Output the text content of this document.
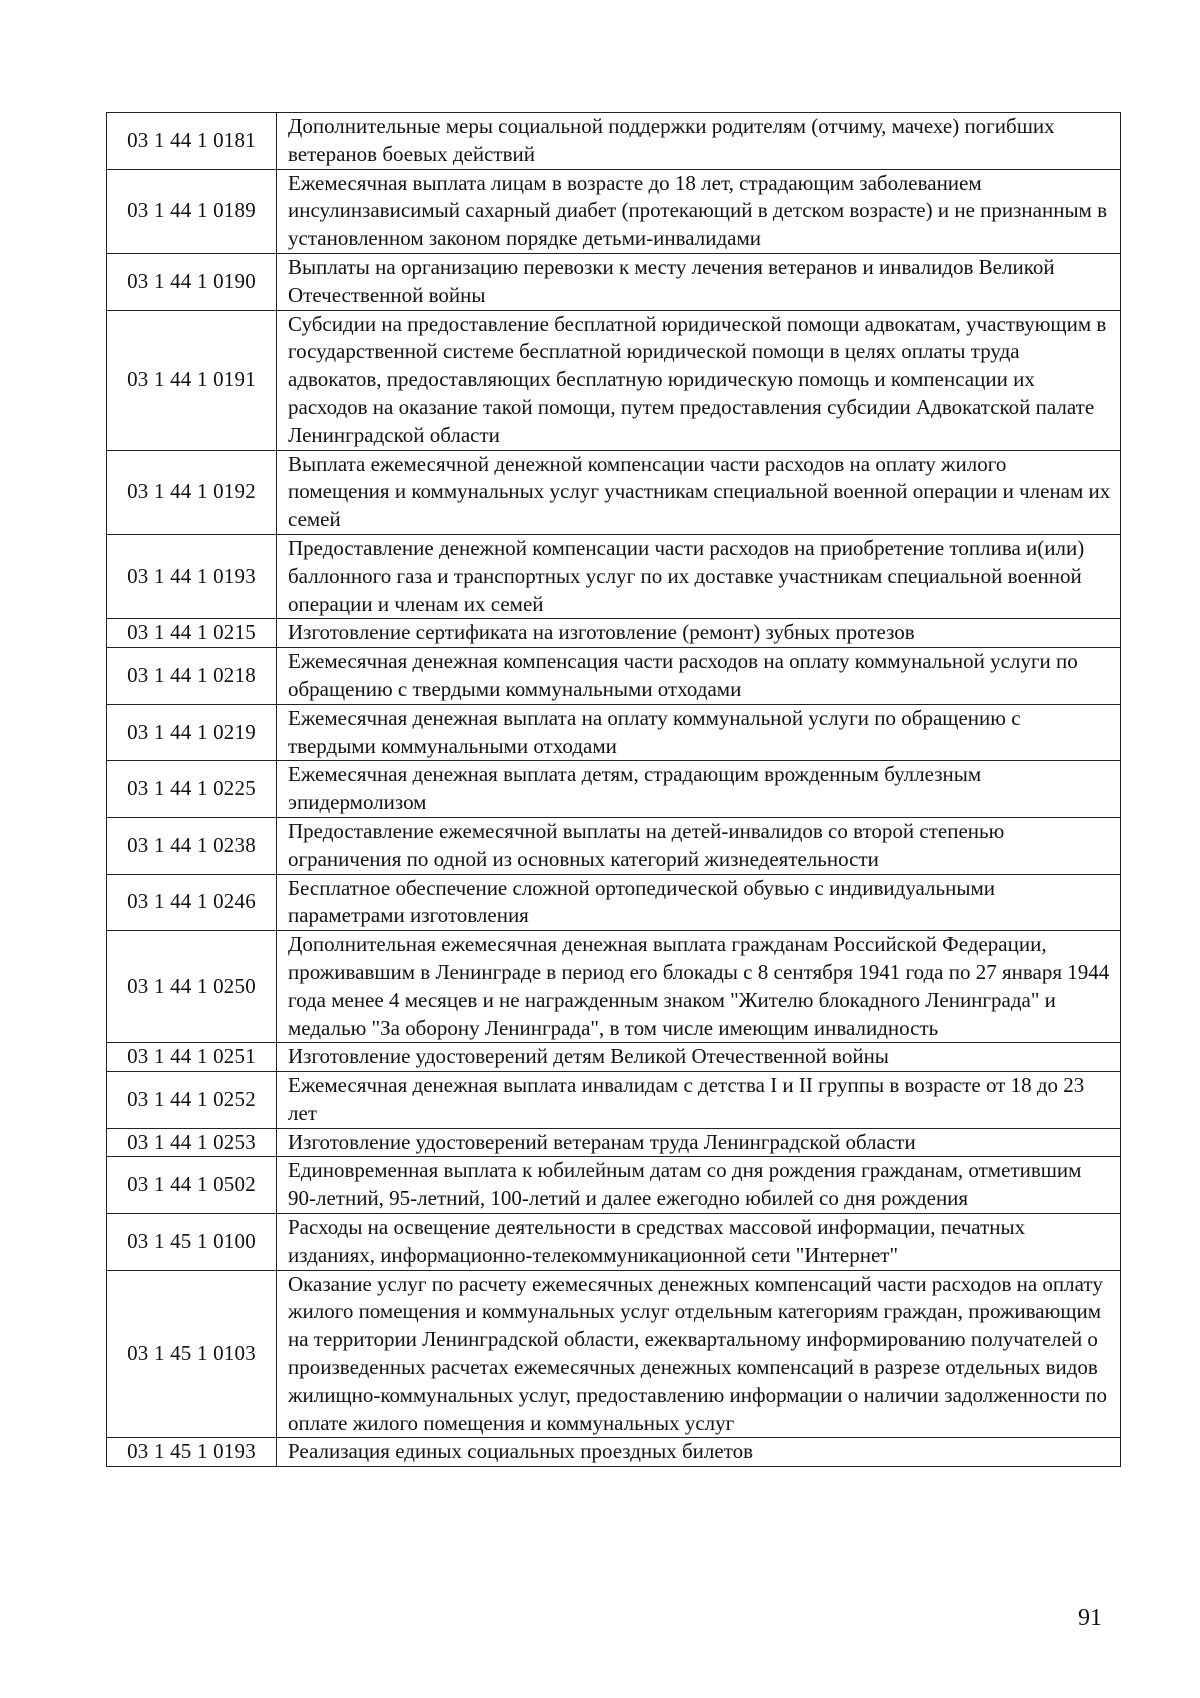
03 1 44 1 0181	Дополнительные меры социальной поддержки родителям (отчиму, мачехе) погибших ветеранов боевых действий
03 1 44 1 0189	Ежемесячная выплата лицам в возрасте до 18 лет, страдающим заболеванием инсулинзависимый сахарный диабет (протекающий в детском возрасте) и не признанным в установленном законом порядке детьми-инвалидами
03 1 44 1 0190	Выплаты на организацию перевозки к месту лечения ветеранов и инвалидов Великой Отечественной войны
03 1 44 1 0191	Субсидии на предоставление бесплатной юридической помощи адвокатам, участвующим в государственной системе бесплатной юридической помощи в целях оплаты труда адвокатов, предоставляющих бесплатную юридическую помощь и компенсации их расходов на оказание такой помощи, путем предоставления субсидии Адвокатской палате Ленинградской области
03 1 44 1 0192	Выплата ежемесячной денежной компенсации части расходов на оплату жилого помещения и коммунальных услуг участникам специальной военной операции и членам их семей
03 1 44 1 0193	Предоставление денежной компенсации части расходов на приобретение топлива и(или) баллонного газа и транспортных услуг по их доставке участникам специальной военной операции и членам их семей
03 1 44 1 0215	Изготовление сертификата на изготовление (ремонт) зубных протезов
03 1 44 1 0218	Ежемесячная денежная компенсация части расходов на оплату коммунальной услуги по обращению с твердыми коммунальными отходами
03 1 44 1 0219	Ежемесячная денежная выплата на оплату коммунальной услуги по обращению с твердыми коммунальными отходами
03 1 44 1 0225	Ежемесячная денежная выплата детям, страдающим врожденным буллезным эпидермолизом
03 1 44 1 0238	Предоставление ежемесячной выплаты на детей-инвалидов со второй степенью ограничения по одной из основных категорий жизнедеятельности
03 1 44 1 0246	Бесплатное обеспечение сложной ортопедической обувью с индивидуальными параметрами изготовления
03 1 44 1 0250	Дополнительная ежемесячная денежная выплата гражданам Российской Федерации, проживавшим в Ленинграде в период его блокады с 8 сентября 1941 года по 27 января 1944 года менее 4 месяцев и не награжденным знаком "Жителю блокадного Ленинграда" и медалью "За оборону Ленинграда", в том числе имеющим инвалидность
03 1 44 1 0251	Изготовление удостоверений детям Великой Отечественной войны
03 1 44 1 0252	Ежемесячная денежная выплата инвалидам с детства I и II группы в возрасте от 18 до 23 лет
03 1 44 1 0253	Изготовление удостоверений ветеранам труда Ленинградской области
03 1 44 1 0502	Единовременная выплата к юбилейным датам со дня рождения гражданам, отметившим 90-летний, 95-летний, 100-летий и далее ежегодно юбилей со дня рождения
03 1 45 1 0100	Расходы на освещение деятельности в средствах массовой информации, печатных изданиях, информационно-телекоммуникационной сети "Интернет"
03 1 45 1 0103	Оказание услуг по расчету ежемесячных денежных компенсаций части расходов на оплату жилого помещения и коммунальных услуг отдельным категориям граждан, проживающим на территории Ленинградской области, ежеквартальному информированию получателей о произведенных расчетах ежемесячных денежных компенсаций в разрезе отдельных видов жилищно-коммунальных услуг, предоставлению информации о наличии задолженности по оплате жилого помещения и коммунальных услуг
03 1 45 1 0193	Реализация единых социальных проездных билетов
91
